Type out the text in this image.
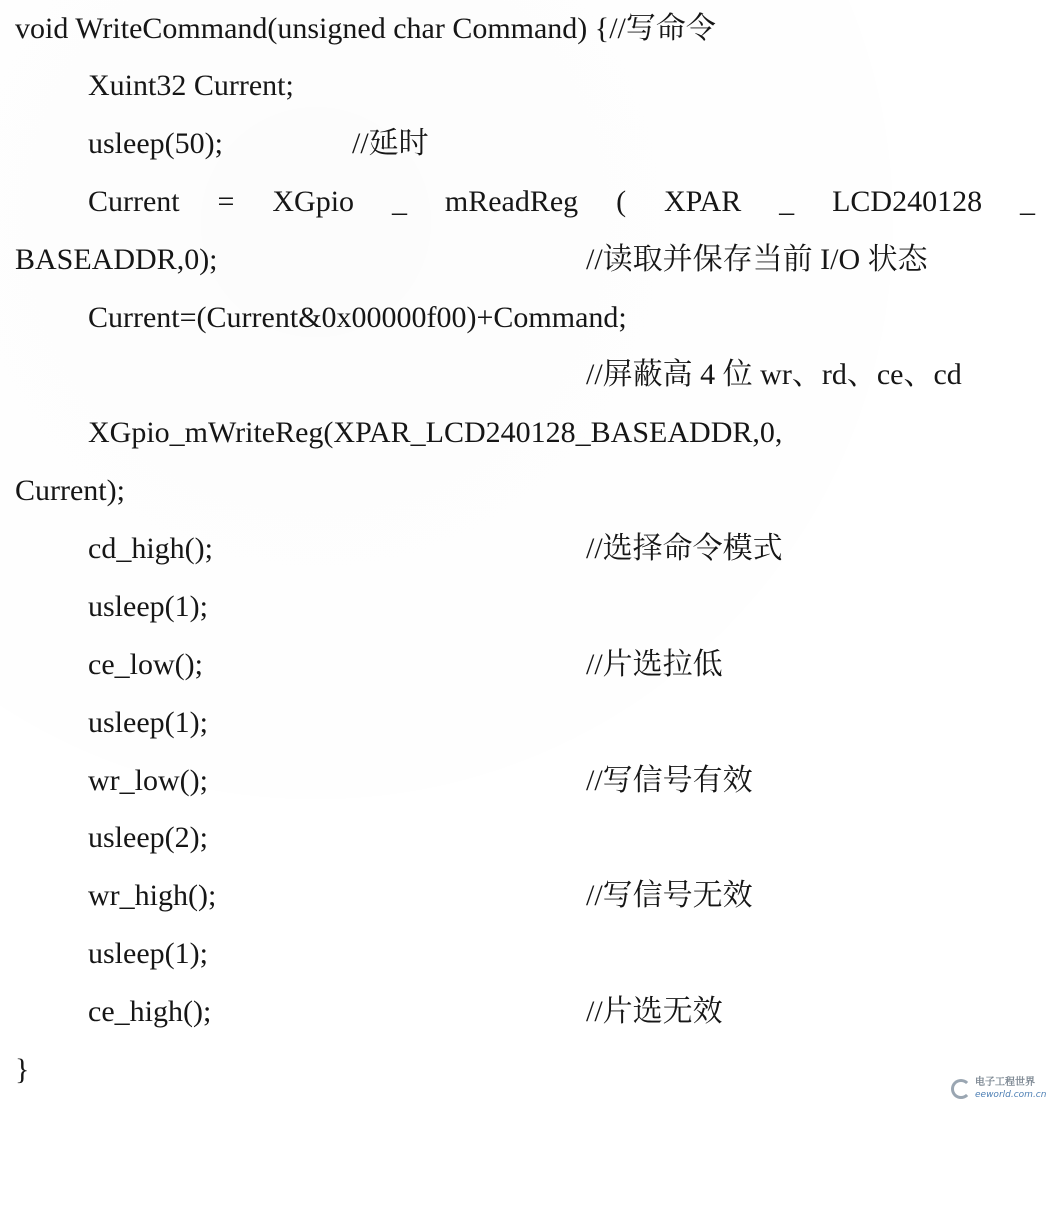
void WriteCommand(unsigned char Command) {//写命令

Xuint32 Current;

usleep(50);

	//延时

Current = XGpio _ mReadReg ( XPAR _ LCD240128 _

BASEADDR,0);

	//读取并保存当前 I/O 状态

Current=(Current&0x00000f00)+Command;

//屏蔽高 4 位 wr、rd、ce、cd

XGpio_mWriteReg(XPAR_LCD240128_BASEADDR,0,

Current);

cd_high();

	//选择命令模式

usleep(1);

ce_low();

	//片选拉低

usleep(1);

wr_low();

	//写信号有效

usleep(2);

wr_high();

	//写信号无效

usleep(1);

ce_high();

	//片选无效

}

	电子工程世界
eeworld.com.cn
